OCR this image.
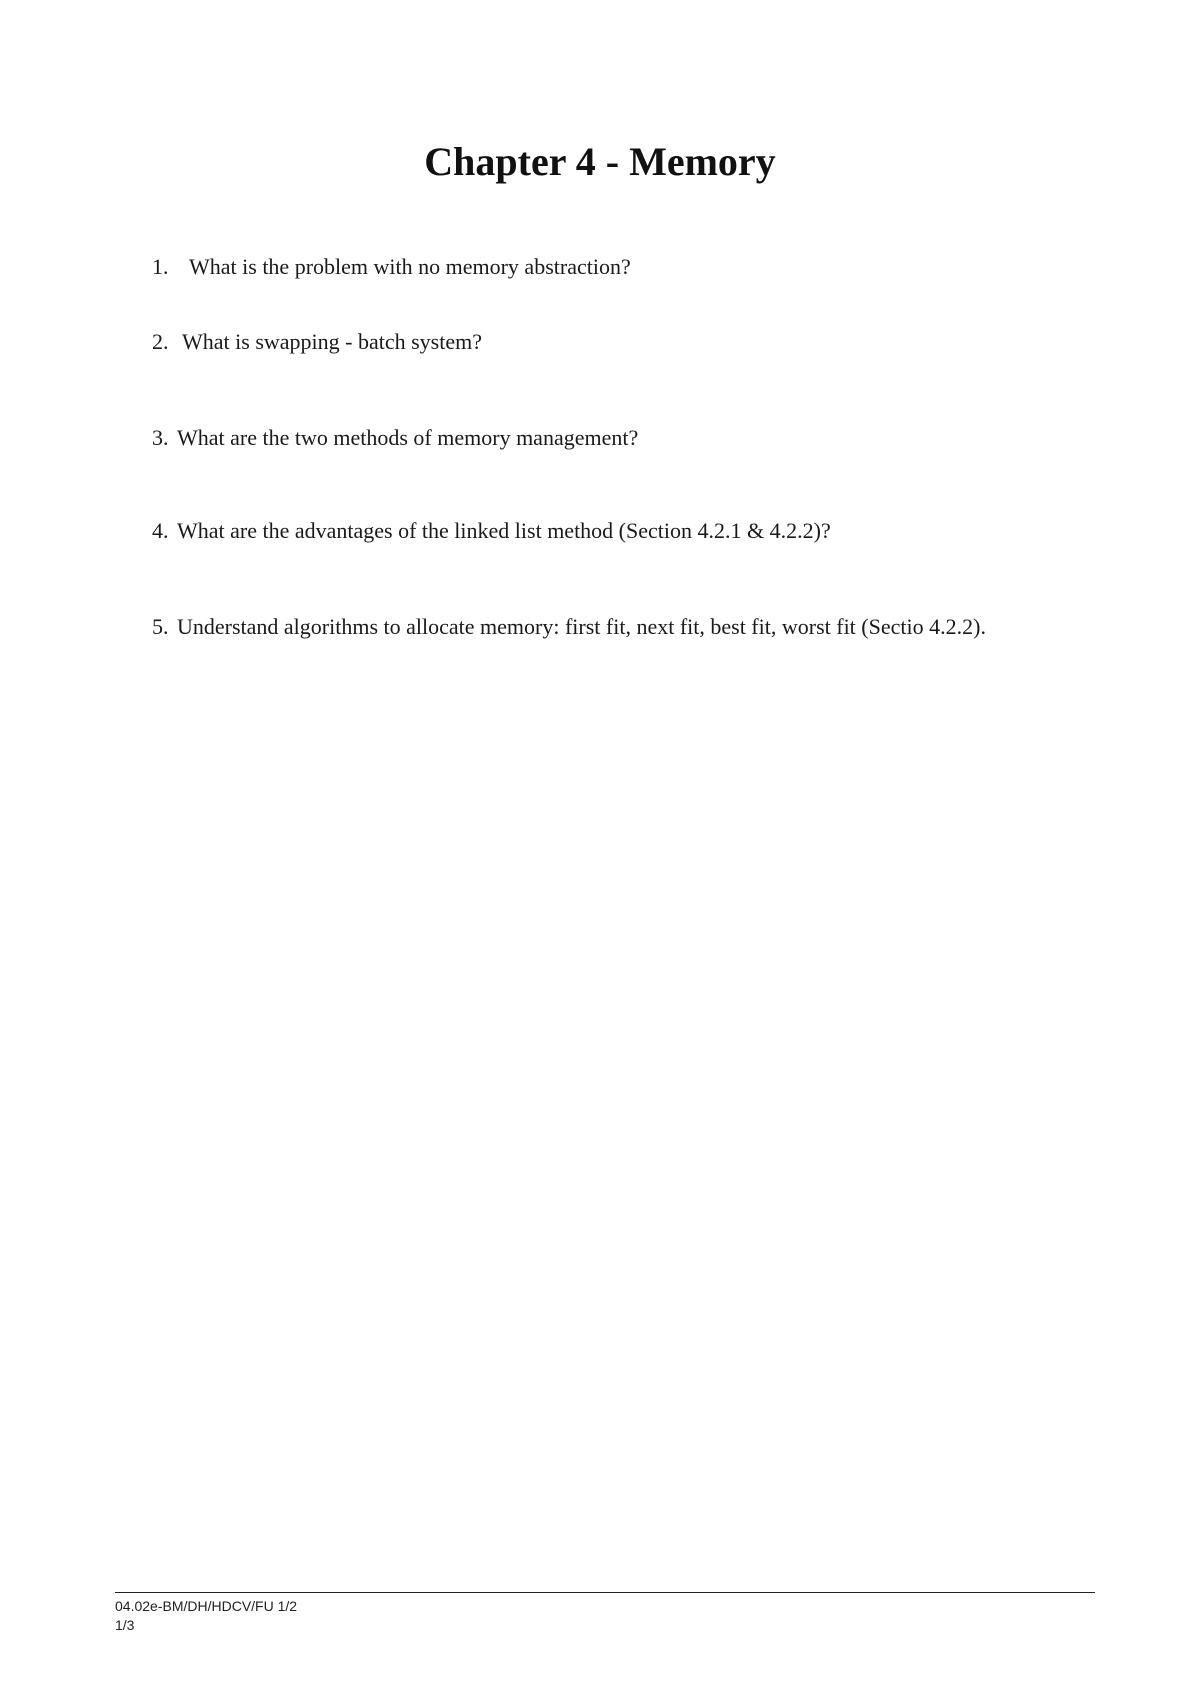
Chapter 4 - Memory

1. What is the problem with no memory abstraction?

2. What is swapping - batch system?

3. What are the two methods of memory management?

4. What are the advantages of the linked list method (Section 4.2.1 & 4.2.2)?

5. Understand algorithms to allocate memory: first fit, next fit, best fit, worst fit (Sectio 4.2.2).

04.02e-BM/DH/HDCV/FU 1/2

1/3
